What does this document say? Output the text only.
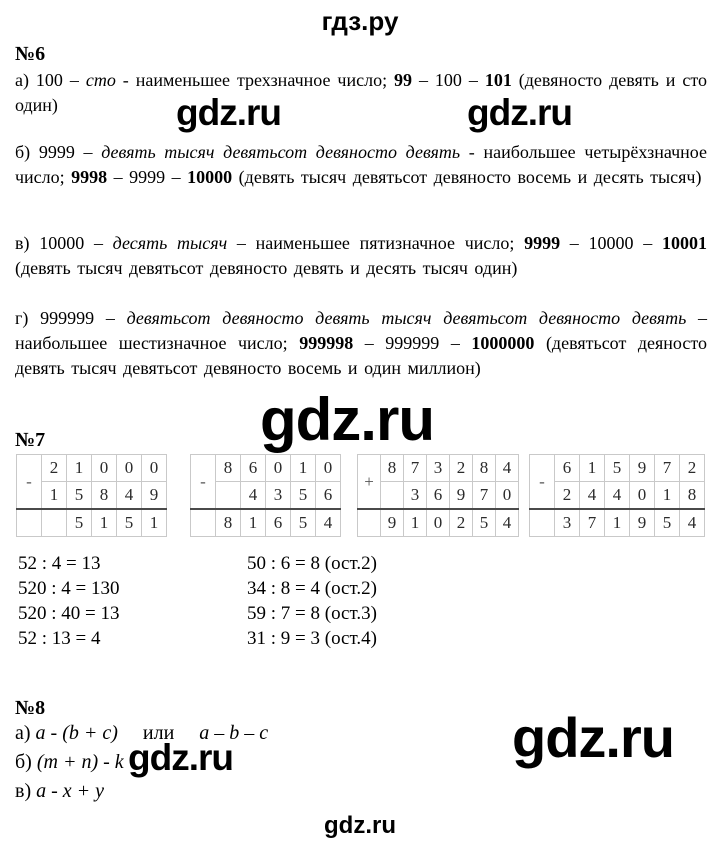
гдз.ру
№6

а) 100 – сто - наименьшее трехзначное число; 99 – 100 – 101 (девяносто девять и сто один)

б) 9999 – девять тысяч девятьсот девяносто девять - наибольшее четырёхзначное число; 9998 – 9999 – 10000 (девять тысяч девятьсот девяносто восемь и десять тысяч)

в) 10000 – десять тысяч – наименьшее пятизначное число; 9999 – 10000 – 10001 (девять тысяч девятьсот девяносто девять и десять тысяч один)

г) 999999 – девятьсот девяносто девять тысяч девятьсот девяносто девять – наибольшее шестизначное число; 999998 – 999999 – 1000000 (девятьсот деяносто девять тысяч девятьсот девяносто восемь и один миллион)

gdz.ru	gdz.ru
gdz.ru
№7
-	2	1	0	0	0
	1	5	8	4	9
		5	1	5	1
-	8	6	0	1	0
		4	3	5	6
	8	1	6	5	4
+	8	7	3	2	8	4
		3	6	9	7	0
	9	1	0	2	5	4
-	6	1	5	9	7	2
	2	4	4	0	1	8
	3	7	1	9	5	4
52 : 4 = 13
520 : 4 = 130
520 : 40 = 13
52 : 13 = 4
50 : 6 = 8 (ост.2)
34 : 8 = 4 (ост.2)
59 : 7 = 8 (ост.3)
31 : 9 = 3 (ост.4)
№8
а) a - (b + c)     или     a – b – c
б) (m + n) - k
в) a - x + y
gdz.ru	gdz.ru
gdz.ru
